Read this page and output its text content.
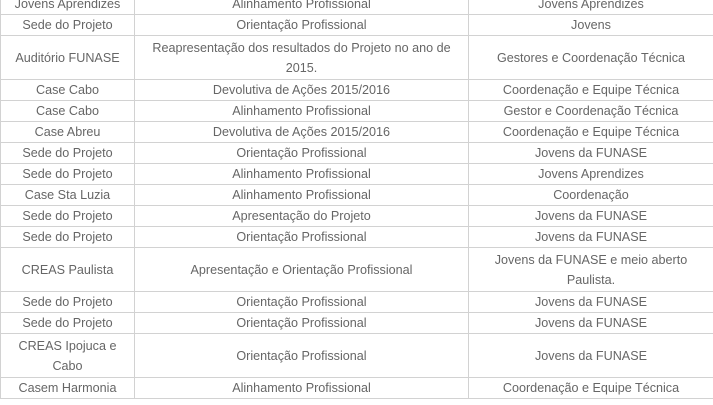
Jovens Aprendizes	Alinhamento Profissional	Jovens Aprendizes
Sede do Projeto	Orientação Profissional	Jovens
Auditório FUNASE	Reapresentação dos resultados do Projeto no ano de 2015.	Gestores e Coordenação Técnica
Case Cabo	Devolutiva de Ações 2015/2016	Coordenação e Equipe Técnica
Case Cabo	Alinhamento Profissional	Gestor e Coordenação Técnica
Case Abreu	Devolutiva de Ações 2015/2016	Coordenação e Equipe Técnica
Sede do Projeto	Orientação Profissional	Jovens da FUNASE
Sede do Projeto	Alinhamento Profissional	Jovens Aprendizes
Case Sta Luzia	Alinhamento Profissional	Coordenação
Sede do Projeto	Apresentação do Projeto	Jovens da FUNASE
Sede do Projeto	Orientação Profissional	Jovens da FUNASE
CREAS Paulista	Apresentação e Orientação Profissional	Jovens da FUNASE e meio aberto Paulista.
Sede do Projeto	Orientação Profissional	Jovens da FUNASE
Sede do Projeto	Orientação Profissional	Jovens da FUNASE
CREAS Ipojuca e Cabo	Orientação Profissional	Jovens da FUNASE
Casem Harmonia	Alinhamento Profissional	Coordenação e Equipe Técnica
